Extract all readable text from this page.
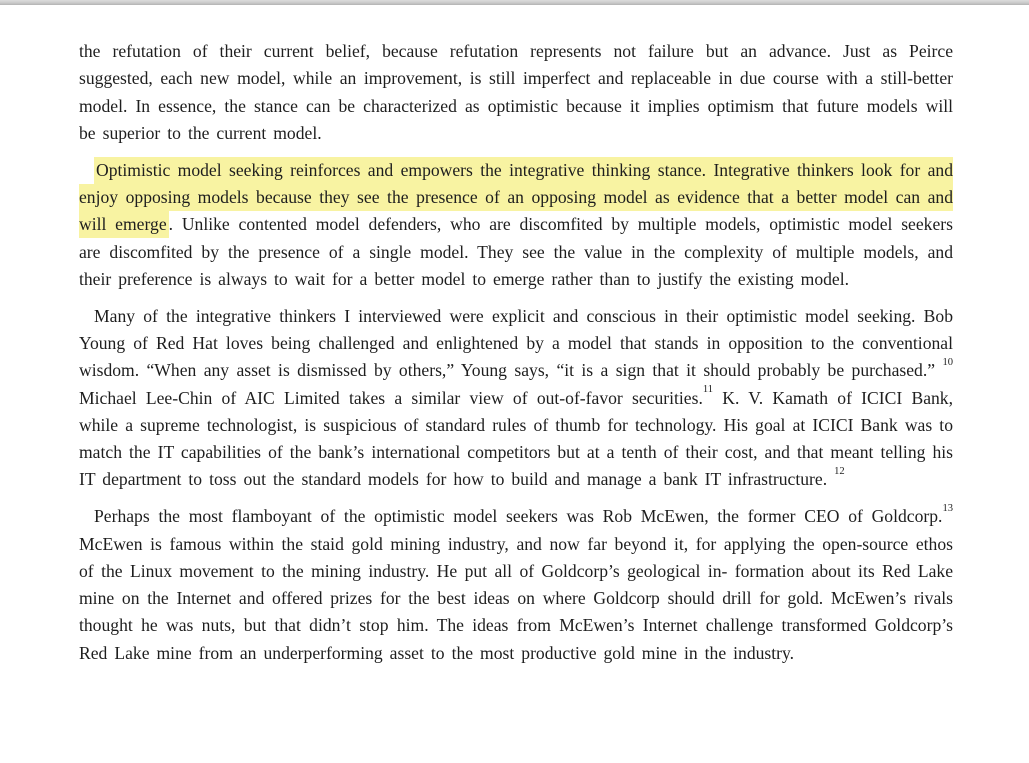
the refutation of their current belief, because refutation represents not failure but an advance. Just as Peirce suggested, each new model, while an improvement, is still imperfect and replaceable in due course with a still-better model. In essence, the stance can be characterized as optimistic because it implies optimism that future models will be superior to the current model.

Optimistic model seeking reinforces and empowers the integrative thinking stance. Integrative thinkers look for and enjoy opposing models because they see the presence of an opposing model as evidence that a better model can and will emerge . Unlike contented model defenders, who are discomfited by multiple models, optimistic model seekers are discomfited by the presence of a single model. They see the value in the complexity of multiple models, and their preference is always to wait for a better model to emerge rather than to justify the existing model.

Many of the integrative thinkers I interviewed were explicit and conscious in their optimistic model seeking. Bob Young of Red Hat loves being challenged and enlightened by a model that stands in opposition to the conventional wisdom. “When any asset is dismissed by others,” Young says, “it is a sign that it should probably be purchased.” $^{10}$ Michael Lee-Chin of AIC Limited takes a similar view of out-of-favor securities.$^{11}$ K. V. Kamath of ICICI Bank, while a supreme technologist, is suspicious of standard rules of thumb for technology. His goal at ICICI Bank was to match the IT capabilities of the bank’s international competitors but at a tenth of their cost, and that meant telling his IT department to toss out the standard models for how to build and manage a bank IT infrastructure. $^{12}$

Perhaps the most flamboyant of the optimistic model seekers was Rob McEwen, the former CEO of Goldcorp.$^{13}$ McEwen is famous within the staid gold mining industry, and now far beyond it, for applying the open-source ethos of the Linux movement to the mining industry. He put all of Goldcorp’s geological in- formation about its Red Lake mine on the Internet and offered prizes for the best ideas on where Goldcorp should drill for gold. McEwen’s rivals thought he was nuts, but that didn’t stop him. The ideas from McEwen’s Internet challenge transformed Goldcorp’s Red Lake mine from an underperforming asset to the most productive gold mine in the industry.
